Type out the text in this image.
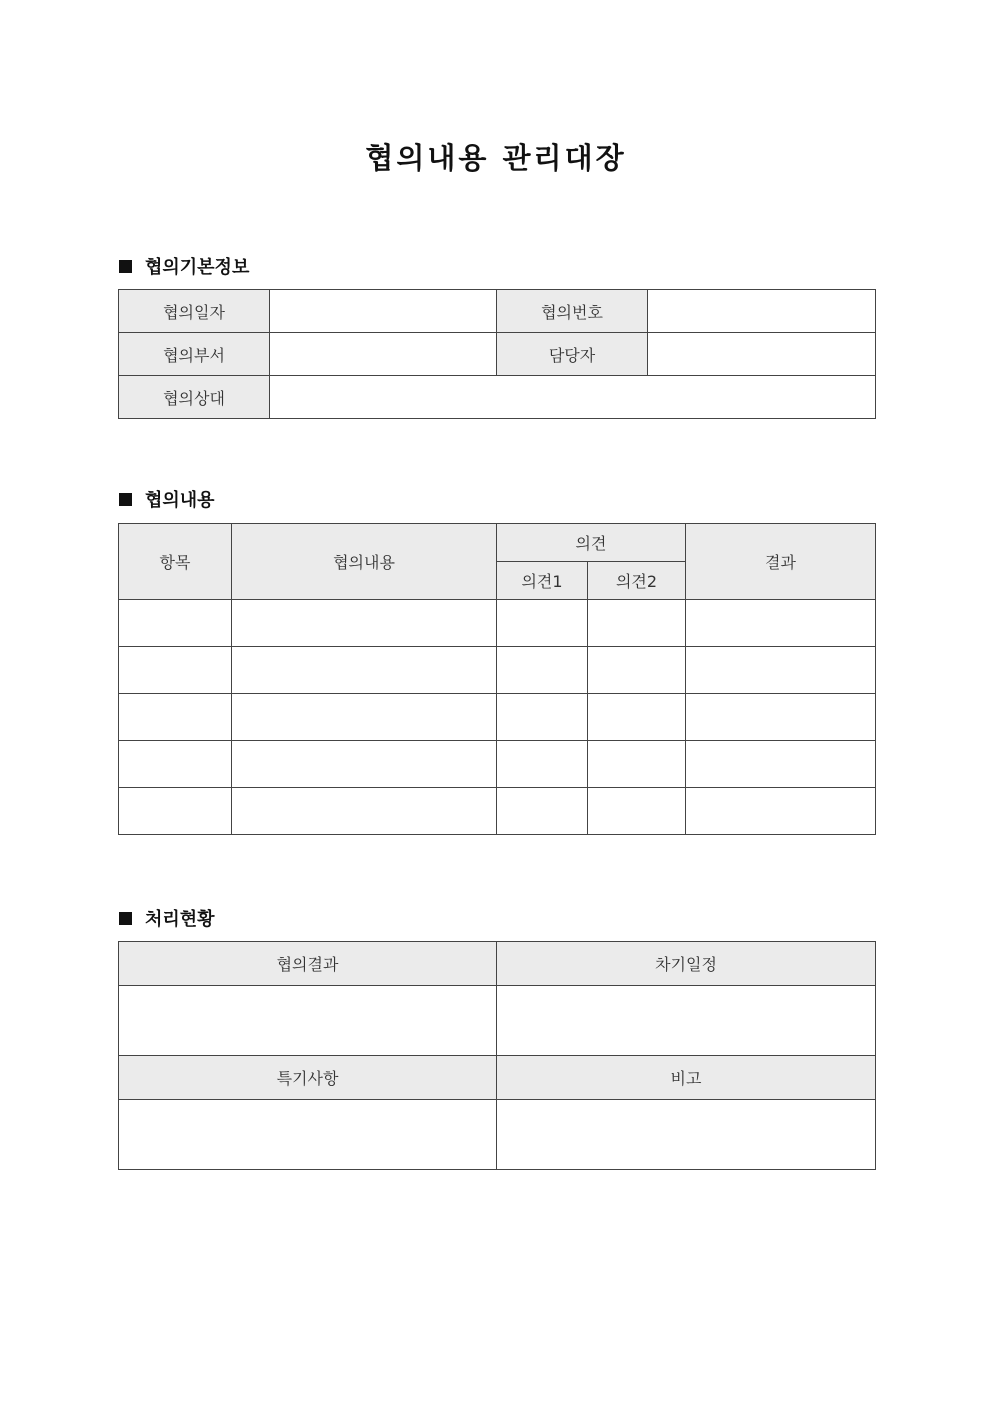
협의내용 관리대장
협의기본정보
협의일자		협의번호	
협의부서		담당자	
협의상대			
협의내용
항목	협의내용	의견		결과
		의견1	의견2	

처리현황
협의결과	차기일정

특기사항	비고
